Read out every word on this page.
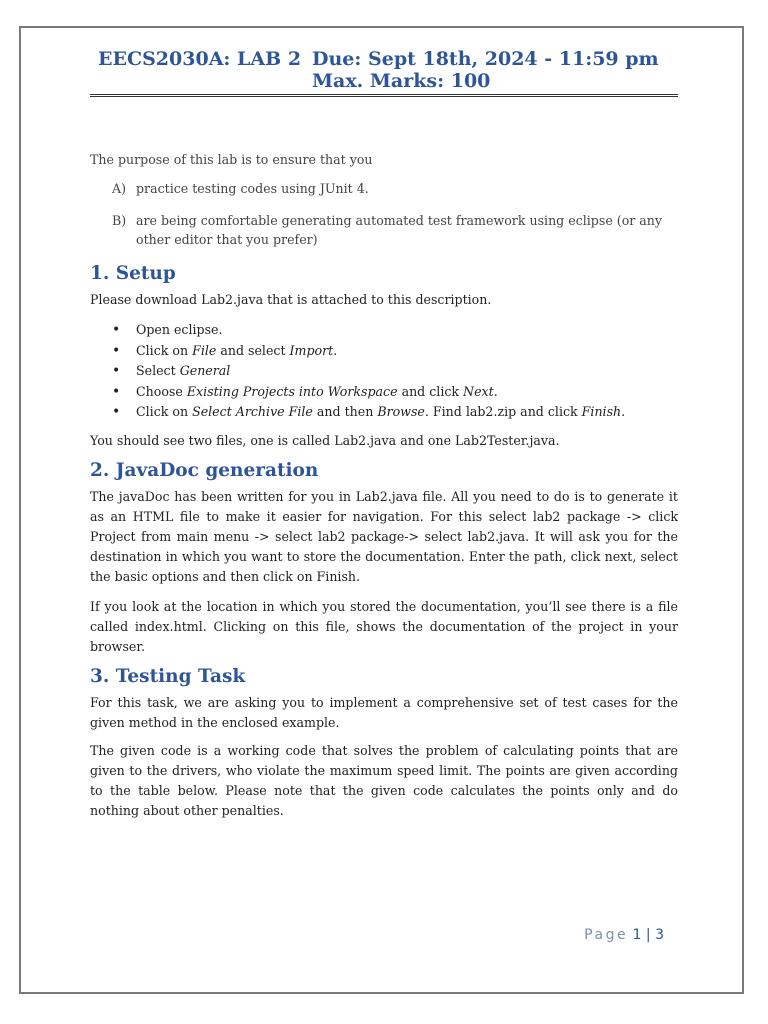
EECS2030A: LAB 2 Due: Sept 18th, 2024 - 11:59 pm
Max. Marks: 100

The purpose of this lab is to ensure that you

A) practice testing codes using JUnit 4.
B) are being comfortable generating automated test framework using eclipse (or any other editor that you prefer)
1. Setup

Please download Lab2.java that is attached to this description.

• Open eclipse.
• Click on File and select Import.
• Select General
• Choose Existing Projects into Workspace and click Next.
• Click on Select Archive File and then Browse. Find lab2.zip and click Finish.

You should see two files, one is called Lab2.java and one Lab2Tester.java.

2. JavaDoc generation

The javaDoc has been written for you in Lab2.java file. All you need to do is to generate it as an HTML file to make it easier for navigation. For this select lab2 package -> click Project from main menu -> select lab2 package-> select lab2.java. It will ask you for the destination in which you want to store the documentation. Enter the path, click next, select the basic options and then click on Finish.

If you look at the location in which you stored the documentation, you’ll see there is a file called index.html. Clicking on this file, shows the documentation of the project in your browser.

3. Testing Task

For this task, we are asking you to implement a comprehensive set of test cases for the given method in the enclosed example.

The given code is a working code that solves the problem of calculating points that are given to the drivers, who violate the maximum speed limit. The points are given according to the table below. Please note that the given code calculates the points only and do nothing about other penalties.

Page 1 | 3
